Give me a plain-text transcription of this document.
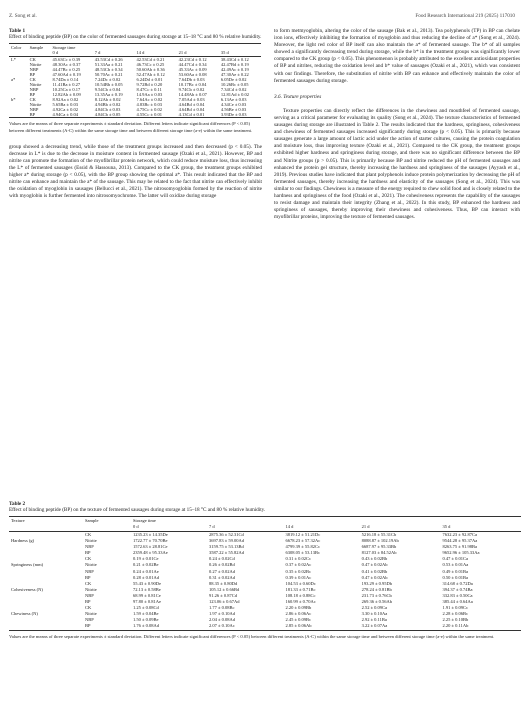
Z. Song et al.	Food Research International 219 (2025) 117010
Table 1
Effect of binding peptide (BP) on the color of fermented sausages during storage at 15–18 °C and 80 % relative humidity.
Color	Sample	Storage time				
		0 d	7 d	14 d	21 d	35 d
L*	CK	45.63Cc ± 0.39	43.53Cd ± 0.26	42.53Cd ± 0.21	42.23Cd ± 0.12	38.43Cd ± 0.12
	Nitrite	48.30Ac ± 0.37	51.33Aa ± 0.21	46.73Cc ± 0.25	44.47Cd ± 0.34	42.47Bd ± 0.19
	NBP	44.47Bc ± 0.25	48.53Cb ± 0.34	50.60Ab ± 0.36	45.33Ac ± 0.09	42.49Ac ± 0.19
	BP	47.60Ad ± 0.19	50.70Ac ± 0.21	52.47Ab ± 0.12	53.60Aa ± 0.08	47.30Ae ± 0.22
a*	CK	8.74Da ± 0.14	7.24Dc ± 0.02	6.24Dd ± 0.01	7.64Db ± 0.03	6.05De ± 0.02
	Nitrite	11.41Ba ± 0.27	10.54Bb ± 0.05	9.72Bd ± 0.20	10.17Bc ± 0.04	10.26Bc ± 0.05
	NBP	10.25Ca ± 0.17	9.54Cb ± 0.04	8.47Cc ± 0.11	9.74Cb ± 0.02	7.34Cd ± 0.02
	BP	12.82Ab ± 0.09	13.35Aa ± 0.19	14.9Aa ± 0.03	14.48Ab ± 0.07	12.81Ad ± 0.02
b*	CK	8.92Aa ± 0.02	8.12Ab ± 0.02	7.64Ac ± 0.02	7.05Ad ± 0.03	6.13Ae ± 0.03
	Nitrite	5.65Ba ± 0.03	4.94Bb ± 0.02	4.83Bc ± 0.03	4.64Bd ± 0.04	4.34Ce ± 0.03
	NBP	4.92Ca ± 0.02	4.84Cb ± 0.03	4.75Cc ± 0.02	4.64Bd ± 0.04	4.56Be ± 0.03
	BP	4.94Ca ± 0.04	4.84Cb ± 0.05	4.55Cc ± 0.01	4.13Cd ± 0.01	3.93De ± 0.03
Values are the means of three separate experiments ± standard deviation. Different letters indicate significant differences (P < 0.05) between different treatments (A-C) within the same storage time and between different storage time (a-e) within the same treatment.

group showed a decreasing trend, while those of the treatment groups increased and then decreased (p < 0.05). The decrease in L* is due to the decrease in moisture content in fermented sausage (Ozaki et al., 2021). However, BP and nitrite can promote the formation of the myofibrillar protein network, which could reduce moisture loss, thus increasing the L* of fermented sausages (Essid & Hassouna, 2013). Compared to the CK group, the treatment groups exhibited higher a* during storage (p < 0.05), with the BP group showing the optimal a*. This result indicated that the BP and nitrite can enhance and maintain the a* of the sausage. This may be related to the fact that nitrite can effectively inhibit the oxidation of myoglobin in sausages (Bellucci et al., 2021). The nitrosomyoglobin formed by the reaction of nitrite with myoglobin is further fermented into nitrosomyochrome. The latter will oxidize during storage

to form metmyoglobin, altering the color of the sausage (Bak et al., 2013). Tea polyphenols (TP) in BP can chelate iron ions, effectively inhibiting the formation of myoglobin and thus reducing the decline of a* (Song et al., 2024). Moreover, the light red color of BP itself can also maintain the a* of fermented sausage. The b* of all samples showed a significantly decreasing trend during storage, while the b* in the treatment groups was significantly lower compared to the CK group (p < 0.05). This phenomenon is probably attributed to the excellent antioxidant properties of BP and nitrites, reducing the oxidation level and b* value of sausages (Ozaki et al., 2021), which was consistent with our findings. Therefore, the substitution of nitrite with BP can enhance and effectively maintain the color of fermented sausages during storage.

3.6. Texture properties

Texture properties can directly reflect the differences in the chewiness and mouthfeel of fermented sausage, serving as a critical parameter for evaluating its quality (Song et al., 2024). The texture characteristics of fermented sausages during storage are illustrated in Table 2. The results indicated that the hardness, springiness, cohesiveness and chewiness of fermented sausages increased significantly during storage (p < 0.05). This is primarily because sausages generate a large amount of lactic acid under the action of starter cultures, causing the protein coagulation and moisture loss, thus improving texture (Ozaki et al., 2021). Compared to the CK group, the treatment groups exhibited higher hardness and springiness during storage, and there was no significant difference between the BP and Nitrite groups (p > 0.05). This is primarily because BP and nitrite reduced the pH of fermented sausages and enhanced the protein gel structure, thereby increasing the hardness and springiness of the sausages (Ayyash et al., 2019). Previous studies have indicated that plant polyphenols induce protein polymerization by decreasing the pH of fermented sausages, thereby increasing the hardness and elasticity of the sausages (Song et al., 2024). This was similar to our findings. Chewiness is a measure of the energy required to chew solid food and is closely related to the hardness and springiness of the food (Ozaki et al., 2021). The cohesiveness represents the capability of the sausages to resist damage and maintain their integrity (Zhang et al., 2022). In this study, BP enhanced the hardness and springiness of sausages, thereby improving their chewiness and cohesiveness. Thus, BP can interact with myofibrillar proteins, improving the texture of fermented sausages.

Table 2
Effect of binding peptide (BP) on the texture of fermented sausages during storage at 15–18 °C and 80 % relative humidity.
Texture	Sample	Storage time				
		0 d	7 d	14 d	21 d	35 d
	CK	1235.23 ± 14.35De	2875.36 ± 52.31Cd	3819.12 ± 51.21Dc	5216.18 ± 55.31Cb	7632.23 ± 92.87Ca
Hardness (g)	Nitrite	1722.77 ± 70.70Be	3697.83 ± 59.00Ad	6678.23 ± 57.32Ac	8088.87 ± 102.19Ab	9544.28 ± 95.37Aa
	NBP	1572.63 ± 28.81Ce	3159.75 ± 53.13Bd	4799.39 ± 55.82Cc	6687.97 ± 95.33Bb	8263.75 ± 91.98Ba
	BP	2359.48 ± 95.33Ae	3587.22 ± 55.82Ad	6308.05 ± 53.13Bc	8127.03 ± 84.52Ab	9652.96 ± 105.33Aa
	CK	0.19 ± 0.01Ce	0.24 ± 0.02Cd	0.31 ± 0.02Cc	0.43 ± 0.02Bb	0.47 ± 0.01Ca
Springiness (mm)	Nitrite	0.21 ± 0.02Be	0.26 ± 0.02Bd	0.37 ± 0.02Ac	0.47 ± 0.02Ab	0.53 ± 0.01Aa
	NBP	0.24 ± 0.01Ae	0.27 ± 0.02Ad	0.35 ± 0.02Bc	0.41 ± 0.02Bb	0.49 ± 0.01Ba
	BP	0.28 ± 0.01Ad	0.31 ± 0.02Ad	0.39 ± 0.01Ac	0.47 ± 0.02Ab	0.50 ± 0.01Ba
	CK	55.43 ± 0.90De	88.35 ± 0.80Dd	104.53 ± 0.60Dc	193.29 ± 0.95Db	314.68 ± 0.72Da
Cohesiveness (N)	Nitrite	72.13 ± 0.58Be	105.12 ± 0.66Bd	181.33 ± 0.71Bc	278.24 ± 0.81Bb	394.37 ± 0.74Ba
	NBP	68.99 ± 0.81Ce	91.26 ± 0.87Cd	108.18 ± 0.88Cc	231.73 ± 0.76Cb	332.83 ± 0.50Ca
	BP	97.80 ± 0.81Ae	123.06 ± 0.67Ad	160.99 ± 0.70Ac	269.36 ± 0.56Ab	385.44 ± 0.64Aa
	CK	1.25 ± 0.08Cd	1.77 ± 0.08Bc	2.20 ± 0.09Bb	2.52 ± 0.09Ca	1.91 ± 0.09Cc
Chewiness (N)	Nitrite	1.59 ± 0.04Be	1.97 ± 0.10Ad	2.86 ± 0.06Ac	3.30 ± 0.10Aa	2.28 ± 0.06Bc
	NBP	1.50 ± 0.09Be	2.04 ± 0.08Ad	2.45 ± 0.09Bc	2.92 ± 0.11Ba	2.25 ± 0.10Bb
	BP	1.76 ± 0.08Ad	2.07 ± 0.10Ac	2.85 ± 0.06Ab	3.22 ± 0.07Aa	2.20 ± 0.11Ab
Values are the means of three separate experiments ± standard deviation. Different letters indicate significant differences (P < 0.05) between different treatments (A-C) within the same storage time and between different storage time (a-e) within the same treatment.
